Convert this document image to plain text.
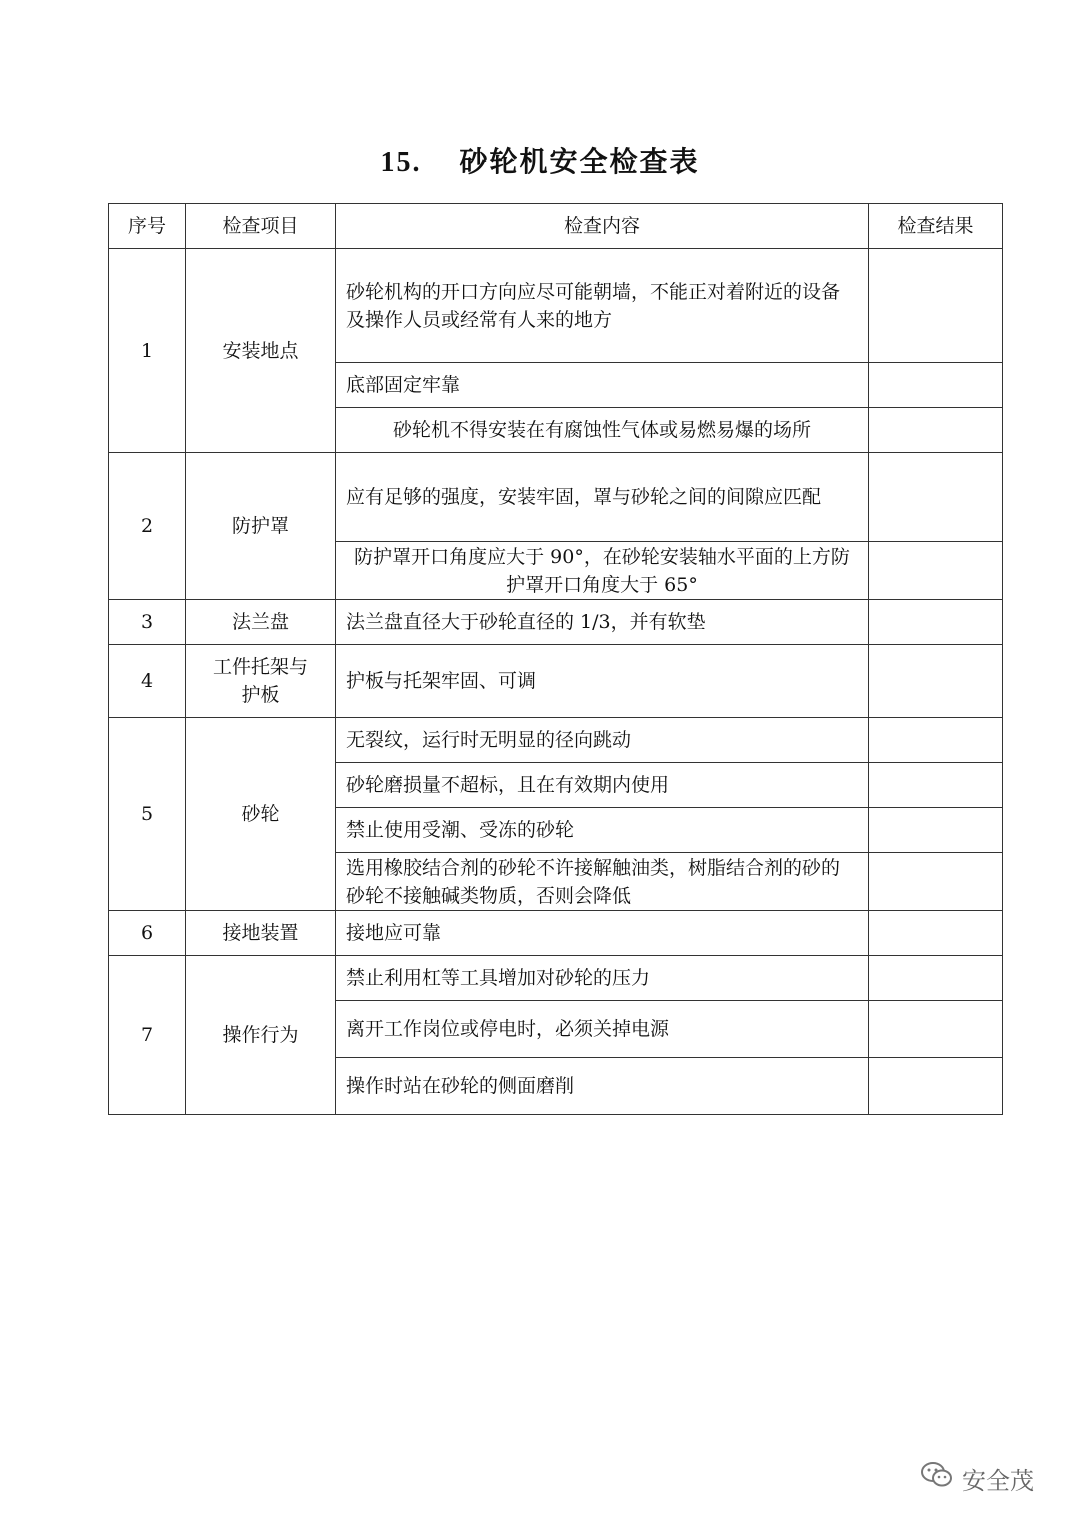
15. 砂轮机安全检查表
序号	检查项目	检查内容	检查结果
1	安装地点	砂轮机构的开口方向应尽可能朝墙，不能正对着附近的设备及操作人员或经常有人来的地方	
		底部固定牢靠	
		砂轮机不得安装在有腐蚀性气体或易燃易爆的场所	
2	防护罩	应有足够的强度，安装牢固，罩与砂轮之间的间隙应匹配	
		防护罩开口角度应大于 90°，在砂轮安装轴水平面的上方防护罩开口角度大于 65°	
3	法兰盘	法兰盘直径大于砂轮直径的 1/3，并有软垫	
4	工件托架与护板	护板与托架牢固、可调	
5	砂轮	无裂纹，运行时无明显的径向跳动	
		砂轮磨损量不超标，且在有效期内使用	
		禁止使用受潮、受冻的砂轮	
		选用橡胶结合剂的砂轮不许接解触油类，树脂结合剂的砂的砂轮不接触碱类物质，否则会降低	
6	接地装置	接地应可靠	
7	操作行为	禁止利用杠等工具增加对砂轮的压力	
		离开工作岗位或停电时，必须关掉电源	
		操作时站在砂轮的侧面磨削	
安全茂
